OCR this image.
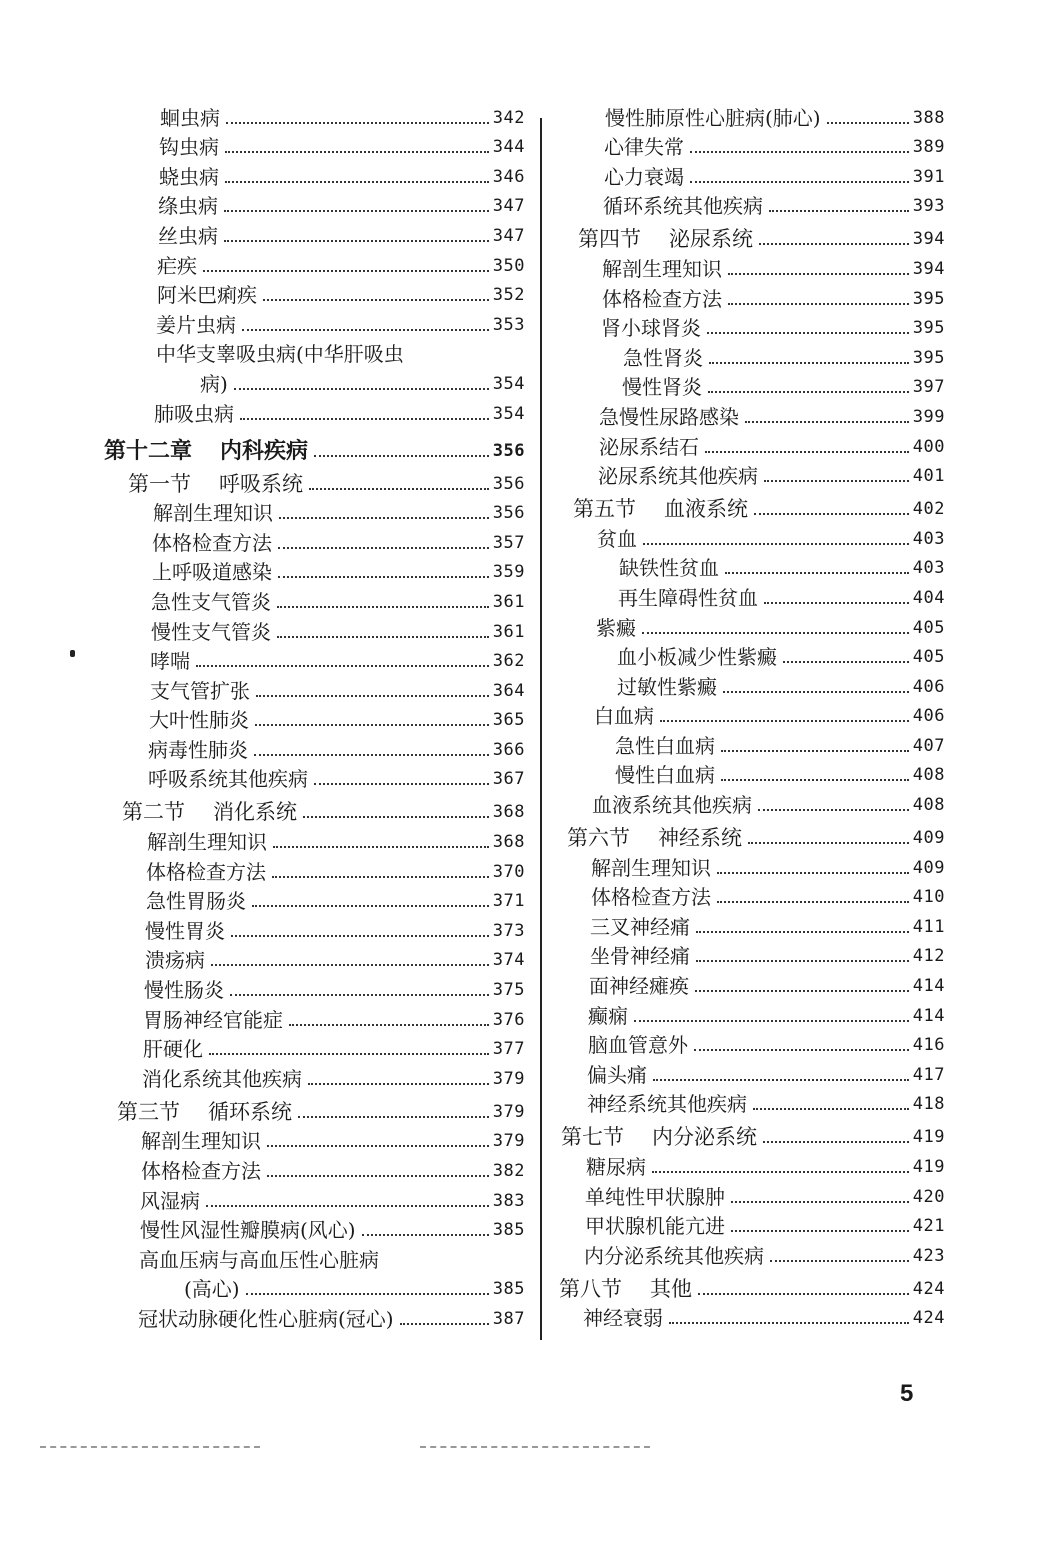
蛔虫病	342
钩虫病	344
蛲虫病	346
绦虫病	347
丝虫病	347
疟疾	350
阿米巴痢疾	352
姜片虫病	353
中华支睾吸虫病(中华肝吸虫
病)	354
肺吸虫病	354
第十二章 内科疾病	356
第一节 呼吸系统	356
解剖生理知识	356
体格检查方法	357
上呼吸道感染	359
急性支气管炎	361
慢性支气管炎	361
哮喘	362
支气管扩张	364
大叶性肺炎	365
病毒性肺炎	366
呼吸系统其他疾病	367
第二节 消化系统	368
解剖生理知识	368
体格检查方法	370
急性胃肠炎	371
慢性胃炎	373
溃疡病	374
慢性肠炎	375
胃肠神经官能症	376
肝硬化	377
消化系统其他疾病	379
第三节 循环系统	379
解剖生理知识	379
体格检查方法	382
风湿病	383
慢性风湿性瓣膜病(风心)	385
高血压病与高血压性心脏病
(高心)	385
冠状动脉硬化性心脏病(冠心)	387
慢性肺原性心脏病(肺心)	388
心律失常	389
心力衰竭	391
循环系统其他疾病	393
第四节 泌尿系统	394
解剖生理知识	394
体格检查方法	395
肾小球肾炎	395
急性肾炎	395
慢性肾炎	397
急慢性尿路感染	399
泌尿系结石	400
泌尿系统其他疾病	401
第五节 血液系统	402
贫血	403
缺铁性贫血	403
再生障碍性贫血	404
紫癜	405
血小板减少性紫癜	405
过敏性紫癜	406
白血病	406
急性白血病	407
慢性白血病	408
血液系统其他疾病	408
第六节 神经系统	409
解剖生理知识	409
体格检查方法	410
三叉神经痛	411
坐骨神经痛	412
面神经瘫痪	414
癫痫	414
脑血管意外	416
偏头痛	417
神经系统其他疾病	418
第七节 内分泌系统	419
糖尿病	419
单纯性甲状腺肿	420
甲状腺机能亢进	421
内分泌系统其他疾病	423
第八节 其他	424
神经衰弱	424
5
